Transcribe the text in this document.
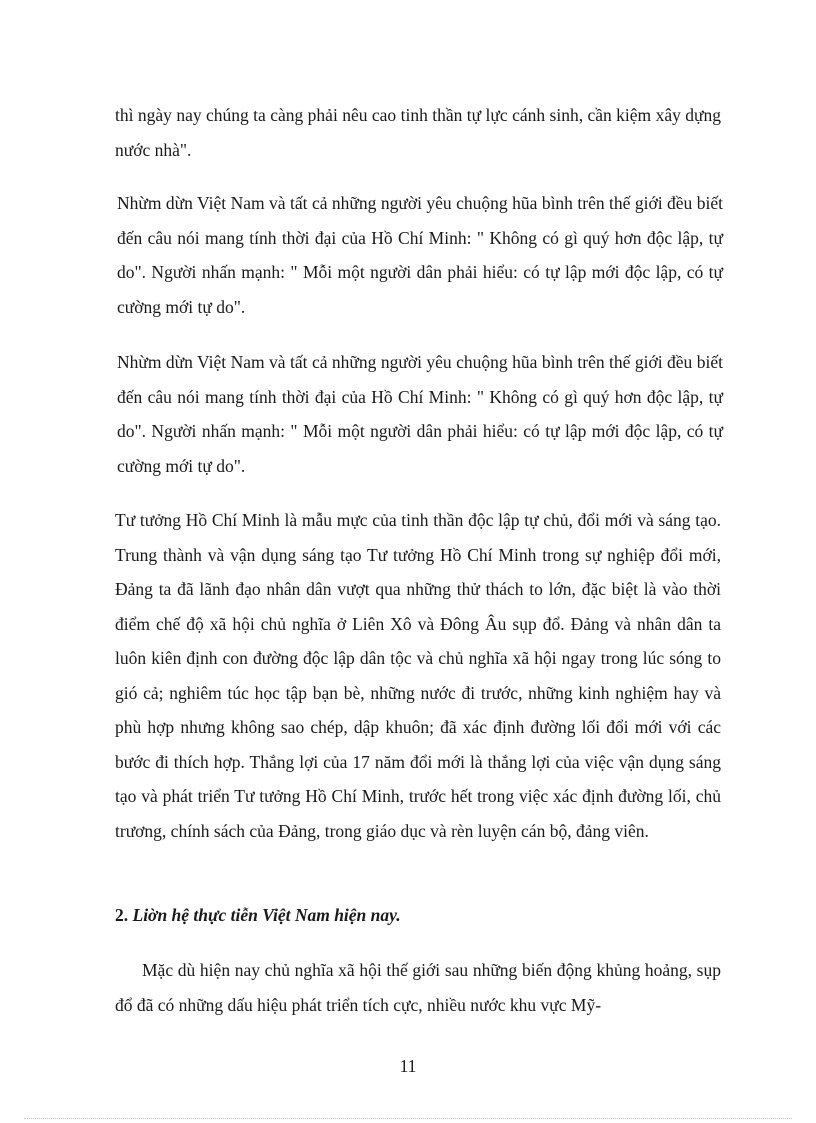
thì ngày nay chúng ta càng phải nêu cao tinh thần tự lực cánh sinh, cần kiệm xây dựng nước nhà".

Nhừm dừn Việt Nam và tất cả những người yêu chuộng hũa bình trên thế giới đều biết đến câu nói mang tính thời đại của Hồ Chí Minh: " Không có gì quý hơn độc lập, tự do". Người nhấn mạnh: " Mỗi một người dân phải hiểu: có tự lập mới độc lập, có tự cường mới tự do".

Nhừm dừn Việt Nam và tất cả những người yêu chuộng hũa bình trên thế giới đều biết đến câu nói mang tính thời đại của Hồ Chí Minh: " Không có gì quý hơn độc lập, tự do". Người nhấn mạnh: " Mỗi một người dân phải hiểu: có tự lập mới độc lập, có tự cường mới tự do".

Tư tưởng Hồ Chí Minh là mẫu mực của tinh thần độc lập tự chủ, đổi mới và sáng tạo. Trung thành và vận dụng sáng tạo Tư tưởng Hồ Chí Minh trong sự nghiệp đổi mới, Đảng ta đã lãnh đạo nhân dân vượt qua những thử thách to lớn, đặc biệt là vào thời điểm chế độ xã hội chủ nghĩa ở Liên Xô và Đông Âu sụp đổ. Đảng và nhân dân ta luôn kiên định con đường độc lập dân tộc và chủ nghĩa xã hội ngay trong lúc sóng to gió cả; nghiêm túc học tập bạn bè, những nước đi trước, những kinh nghiệm hay và phù hợp nhưng không sao chép, dập khuôn; đã xác định đường lối đổi mới với các bước đi thích hợp. Thắng lợi của 17 năm đổi mới là thắng lợi của việc vận dụng sáng tạo và phát triển Tư tưởng Hồ Chí Minh, trước hết trong việc xác định đường lối, chủ trương, chính sách của Đảng, trong giáo dục và rèn luyện cán bộ, đảng viên.

2. Liờn hệ thực tiễn Việt Nam hiện nay.

Mặc dù hiện nay chủ nghĩa xã hội thế giới sau những biến động khủng hoảng, sụp đổ đã có những dấu hiệu phát triển tích cực, nhiều nước khu vực Mỹ-

11
